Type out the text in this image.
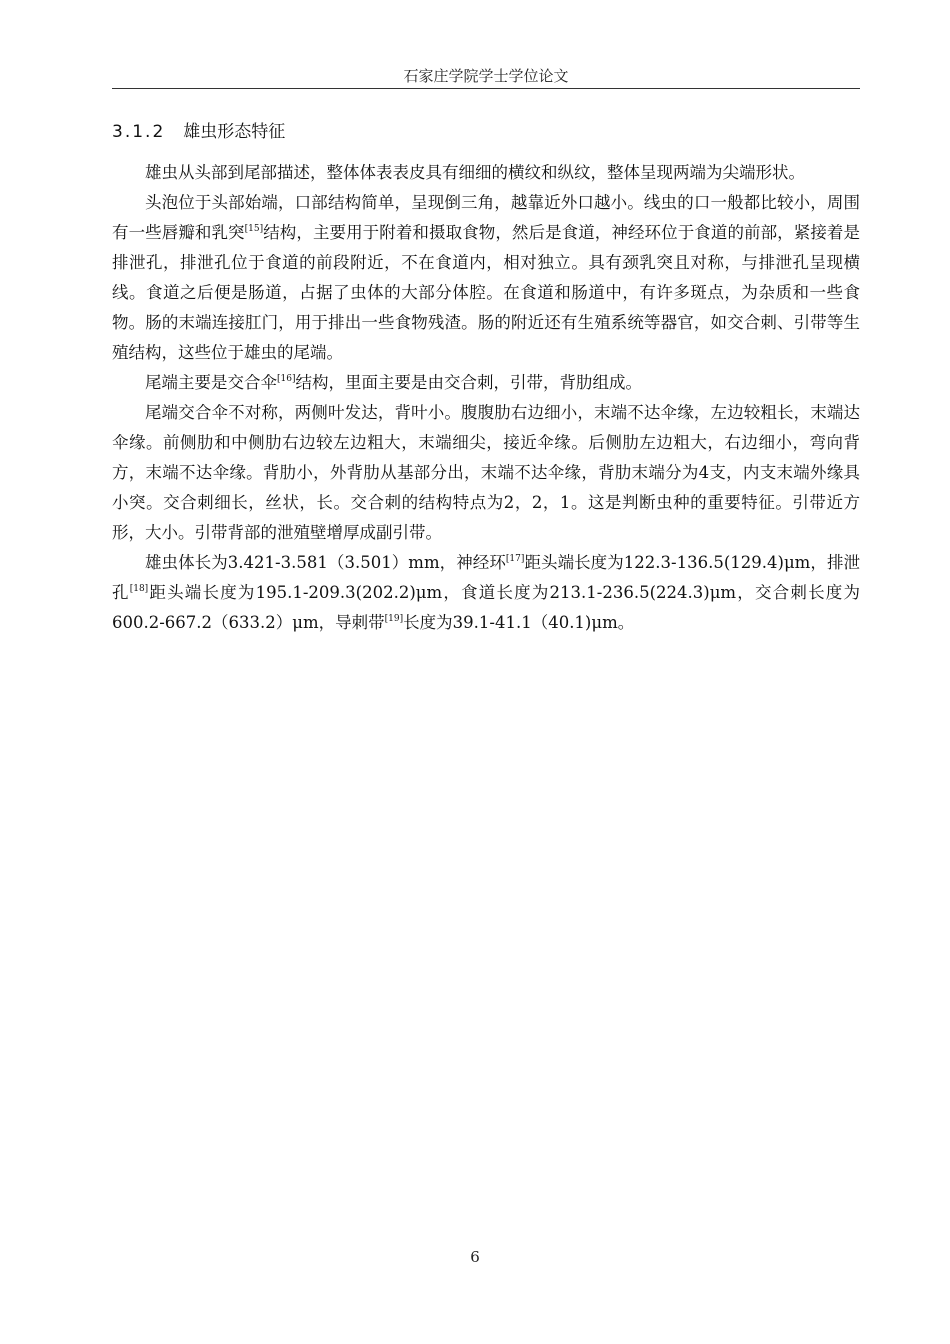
石家庄学院学士学位论文
3.1.2 雄虫形态特征

雄虫从头部到尾部描述，整体体表表皮具有细细的横纹和纵纹，整体呈现两端为尖端形状。

头泡位于头部始端，口部结构简单，呈现倒三角，越靠近外口越小。线虫的口一般都比较小，周围有一些唇瓣和乳突[15]结构，主要用于附着和摄取食物，然后是食道，神经环位于食道的前部，紧接着是排泄孔，排泄孔位于食道的前段附近，不在食道内，相对独立。具有颈乳突且对称，与排泄孔呈现横线。食道之后便是肠道，占据了虫体的大部分体腔。在食道和肠道中，有许多斑点，为杂质和一些食物。肠的末端连接肛门，用于排出一些食物残渣。肠的附近还有生殖系统等器官，如交合刺、引带等生殖结构，这些位于雄虫的尾端。

尾端主要是交合伞[16]结构，里面主要是由交合刺，引带，背肋组成。

尾端交合伞不对称，两侧叶发达，背叶小。腹腹肋右边细小，末端不达伞缘，左边较粗长，末端达伞缘。前侧肋和中侧肋右边较左边粗大，末端细尖，接近伞缘。后侧肋左边粗大，右边细小，弯向背方，末端不达伞缘。背肋小，外背肋从基部分出，末端不达伞缘，背肋末端分为4支，内支末端外缘具小突。交合刺细长，丝状，长。交合刺的结构特点为2，2，1。这是判断虫种的重要特征。引带近方形，大小。引带背部的泄殖壁增厚成副引带。

雄虫体长为3.421-3.581（3.501）mm，神经环[17]距头端长度为122.3-136.5(129.4)μm，排泄孔[18]距头端长度为195.1-209.3(202.2)μm，食道长度为213.1-236.5(224.3)μm，交合刺长度为600.2-667.2（633.2）μm，导刺带[19]长度为39.1-41.1（40.1)μm。

6
